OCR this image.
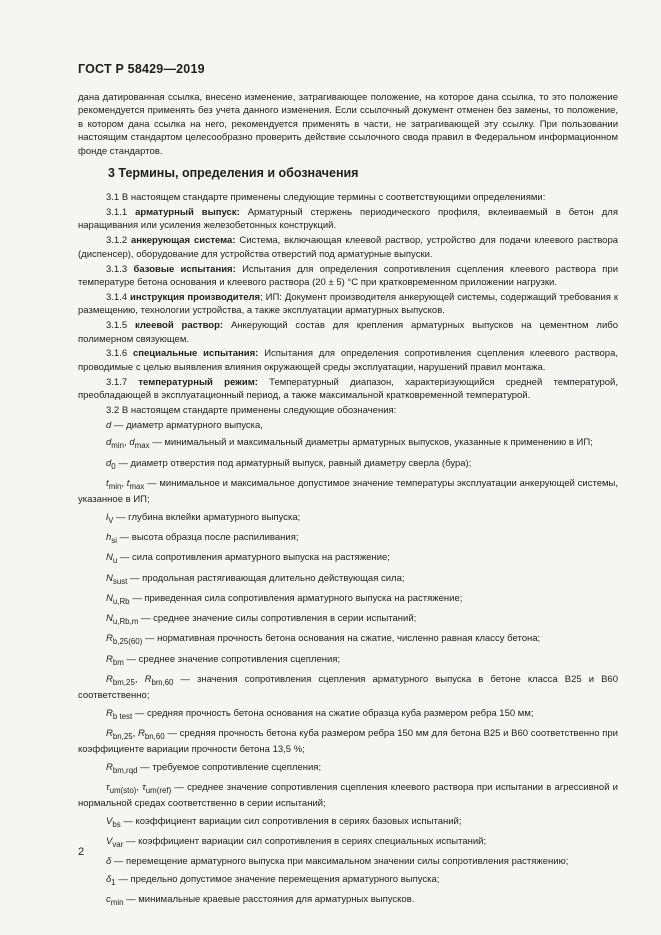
ГОСТ Р 58429—2019
дана датированная ссылка, внесено изменение, затрагивающее положение, на которое дана ссылка, то это положение рекомендуется применять без учета данного изменения. Если ссылочный документ отменен без замены, то положение, в котором дана ссылка на него, рекомендуется применять в части, не затрагивающей эту ссылку. При пользовании настоящим стандартом целесообразно проверить действие ссылочного свода правил в Федеральном информационном фонде стандартов.
3 Термины, определения и обозначения
3.1 В настоящем стандарте применены следующие термины с соответствующими определениями:
3.1.1 арматурный выпуск: Арматурный стержень периодического профиля, вклеиваемый в бетон для наращивания или усиления железобетонных конструкций.
3.1.2 анкерующая система: Система, включающая клеевой раствор, устройство для подачи клеевого раствора (диспенсер), оборудование для устройства отверстий под арматурные выпуски.
3.1.3 базовые испытания: Испытания для определения сопротивления сцепления клеевого раствора при температуре бетона основания и клеевого раствора (20 ± 5) °С при кратковременном приложении нагрузки.
3.1.4 инструкция производителя; ИП: Документ производителя анкерующей системы, содержащий требования к размещению, технологии устройства, а также эксплуатации арматурных выпусков.
3.1.5 клеевой раствор: Анкерующий состав для крепления арматурных выпусков на цементном либо полимерном связующем.
3.1.6 специальные испытания: Испытания для определения сопротивления сцепления клеевого раствора, проводимые с целью выявления влияния окружающей среды эксплуатации, нарушений правил монтажа.
3.1.7 температурный режим: Температурный диапазон, характеризующийся средней температурой, преобладающей в эксплуатационный период, а также максимальной кратковременной температурой.
3.2 В настоящем стандарте применены следующие обозначения:
d — диаметр арматурного выпуска,
$d_{min}$, $d_{max}$ — минимальный и максимальный диаметры арматурных выпусков, указанные к применению в ИП;
$d_0$ — диаметр отверстия под арматурный выпуск, равный диаметру сверла (бура);
$t_{min}$, $t_{max}$ — минимальное и максимальное допустимое значение температуры эксплуатации анкерующей системы, указанное в ИП;
$l_V$ — глубина вклейки арматурного выпуска;
$h_{si}$ — высота образца после распиливания;
$N_u$ — сила сопротивления арматурного выпуска на растяжение;
$N_{sust}$ — продольная растягивающая длительно действующая сила;
$N_{u,Rb}$ — приведенная сила сопротивления арматурного выпуска на растяжение;
$N_{u,Rb,m}$ — среднее значение силы сопротивления в серии испытаний;
$R_{b,25(60)}$ — нормативная прочность бетона основания на сжатие, численно равная классу бетона;
$R_{bm}$ — среднее значение сопротивления сцепления;
$R_{bm,25}$, $R_{bm,60}$ — значения сопротивления сцепления арматурного выпуска в бетоне класса В25 и В60 соответственно;
$R_{b test}$ — средняя прочность бетона основания на сжатие образца куба размером ребра 150 мм;
$R_{bn,25}$, $R_{bn,60}$ — средняя прочность бетона куба размером ребра 150 мм для бетона В25 и В60 соответственно при коэффициенте вариации прочности бетона 13,5 %;
$R_{bm,rqd}$ — требуемое сопротивление сцепления;
$\tau_{um(sto)}$, $\tau_{um(ref)}$ — среднее значение сопротивления сцепления клеевого раствора при испытании в агрессивной и нормальной средах соответственно в серии испытаний;
$V_{bs}$ — коэффициент вариации сил сопротивления в сериях базовых испытаний;
$V_{var}$ — коэффициент вариации сил сопротивления в сериях специальных испытаний;
δ — перемещение арматурного выпуска при максимальном значении силы сопротивления растяжению;
$\delta_1$ — предельно допустимое значение перемещения арматурного выпуска;
$c_{min}$ — минимальные краевые расстояния для арматурных выпусков.
2
